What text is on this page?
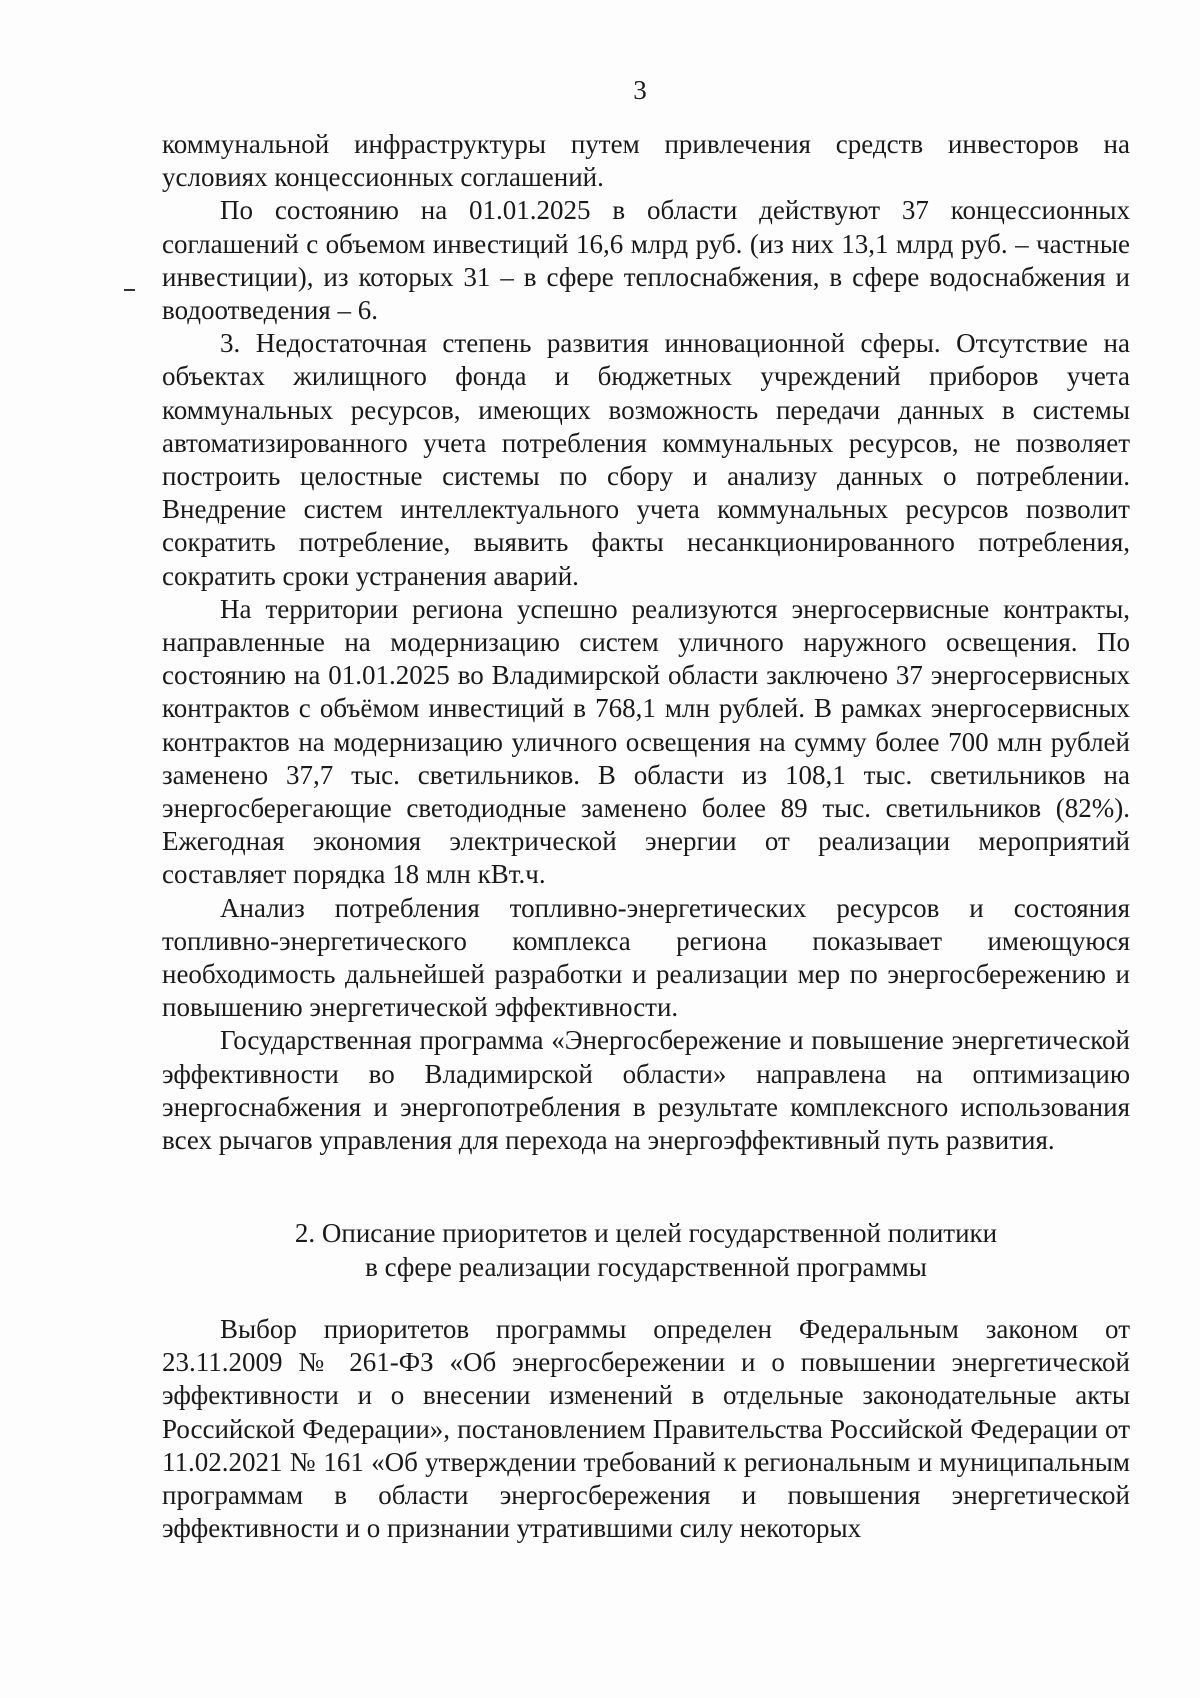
3

коммунальной инфраструктуры путем привлечения средств инвесторов на условиях концессионных соглашений.

По состоянию на 01.01.2025 в области действуют 37 концессионных соглашений с объемом инвестиций 16,6 млрд руб. (из них 13,1 млрд руб. – частные инвестиции), из которых 31 – в сфере теплоснабжения, в сфере водоснабжения и водоотведения – 6.

3. Недостаточная степень развития инновационной сферы. Отсутствие на объектах жилищного фонда и бюджетных учреждений приборов учета коммунальных ресурсов, имеющих возможность передачи данных в системы автоматизированного учета потребления коммунальных ресурсов, не позволяет построить целостные системы по сбору и анализу данных о потреблении. Внедрение систем интеллектуального учета коммунальных ресурсов позволит сократить потребление, выявить факты несанкционированного потребления, сократить сроки устранения аварий.

На территории региона успешно реализуются энергосервисные контракты, направленные на модернизацию систем уличного наружного освещения. По состоянию на 01.01.2025 во Владимирской области заключено 37 энергосервисных контрактов с объёмом инвестиций в 768,1 млн рублей. В рамках энергосервисных контрактов на модернизацию уличного освещения на сумму более 700 млн рублей заменено 37,7 тыс. светильников. В области из 108,1 тыс. светильников на энергосберегающие светодиодные заменено более 89 тыс. светильников (82%). Ежегодная экономия электрической энергии от реализации мероприятий составляет порядка 18 млн кВт.ч.

Анализ потребления топливно-энергетических ресурсов и состояния топливно-энергетического комплекса региона показывает имеющуюся необходимость дальнейшей разработки и реализации мер по энергосбережению и повышению энергетической эффективности.

Государственная программа «Энергосбережение и повышение энергетической эффективности во Владимирской области» направлена на оптимизацию энергоснабжения и энергопотребления в результате комплексного использования всех рычагов управления для перехода на энергоэффективный путь развития.

2. Описание приоритетов и целей государственной политики
в сфере реализации государственной программы

Выбор приоритетов программы определен Федеральным законом от 23.11.2009 № 261-ФЗ «Об энергосбережении и о повышении энергетической эффективности и о внесении изменений в отдельные законодательные акты Российской Федерации», постановлением Правительства Российской Федерации от 11.02.2021 № 161 «Об утверждении требований к региональным и муниципальным программам в области энергосбережения и повышения энергетической эффективности и о признании утратившими силу некоторых
